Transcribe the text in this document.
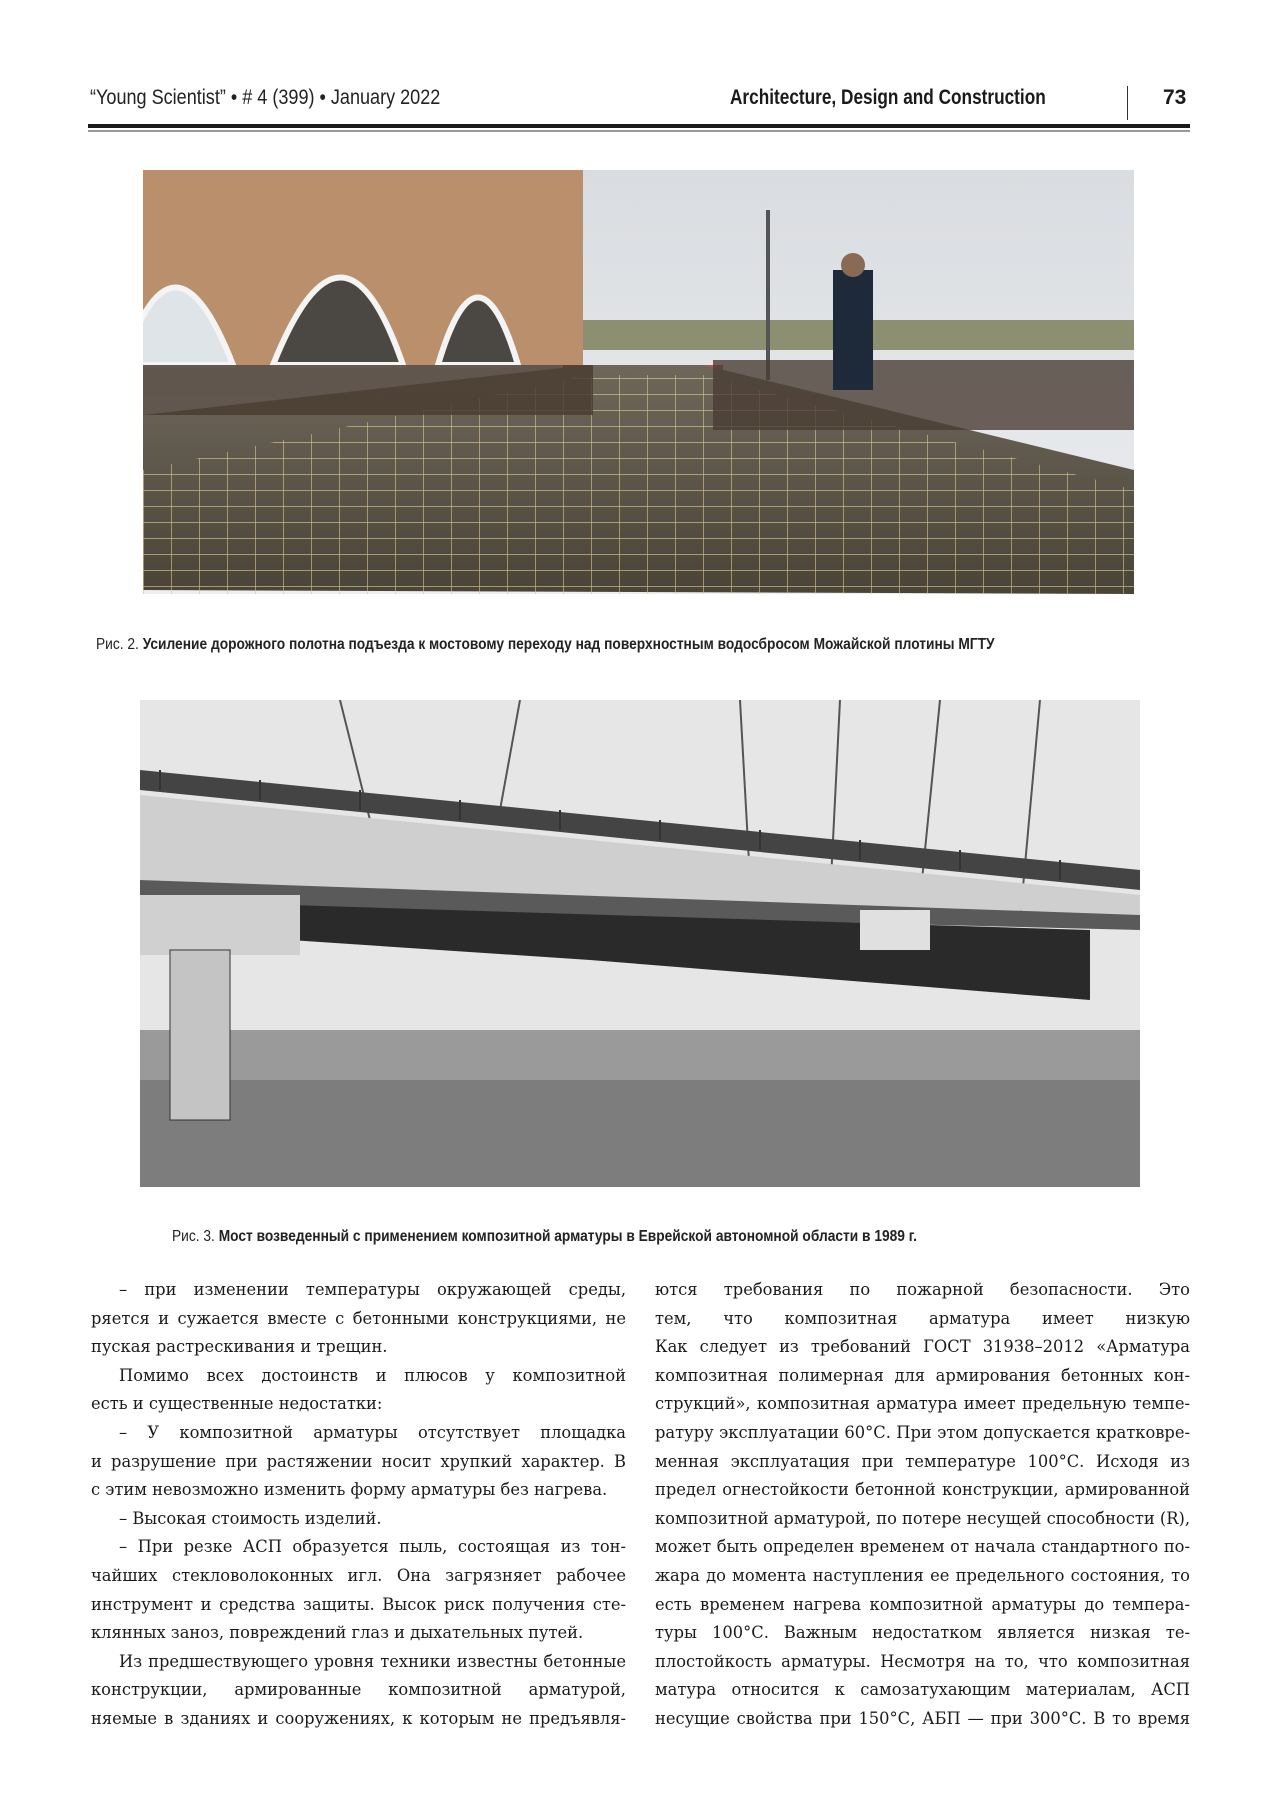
“Young Scientist” • # 4 (399) • January 2022	Architecture, Design and Construction	73
Рис. 2. Усиление дорожного полотна подъезда к мостовому переходу над поверхностным водосбросом Можайской плотины МГТУ
Рис. 3. Мост возведенный с применением композитной арматуры в Еврейской автономной области в 1989 г.
– при изменении температуры окружающей среды,
ряется и сужается вместе с бетонными конструкциями, не
пуская растрескивания и трещин.
Помимо всех достоинств и плюсов у композитной
есть и существенные недостатки:
– У композитной арматуры отсутствует площадка
и разрушение при растяжении носит хрупкий характер. В
с этим невозможно изменить форму арматуры без нагрева.
– Высокая стоимость изделий.
– При резке АСП образуется пыль, состоящая из тон-
чайших стекловолоконных игл. Она загрязняет рабочее
инструмент и средства защиты. Высок риск получения сте-
клянных заноз, повреждений глаз и дыхательных путей.
Из предшествующего уровня техники известны бетонные
конструкции, армированные композитной арматурой,
няемые в зданиях и сооружениях, к которым не предъявля-
ются требования по пожарной безопасности. Это
тем, что композитная арматура имеет низкую
Как следует из требований ГОСТ 31938–2012 «Арматура
композитная полимерная для армирования бетонных кон-
струкций», композитная арматура имеет предельную темпе-
ратуру эксплуатации 60°С. При этом допускается кратковре-
менная эксплуатация при температуре 100°С. Исходя из
предел огнестойкости бетонной конструкции, армированной
композитной арматурой, по потере несущей способности (R),
может быть определен временем от начала стандартного по-
жара до момента наступления ее предельного состояния, то
есть временем нагрева композитной арматуры до темпера-
туры 100°С. Важным недостатком является низкая те-
плостойкость арматуры. Несмотря на то, что композитная
матура относится к самозатухающим материалам, АСП
несущие свойства при 150°С, АБП — при 300°С. В то время
